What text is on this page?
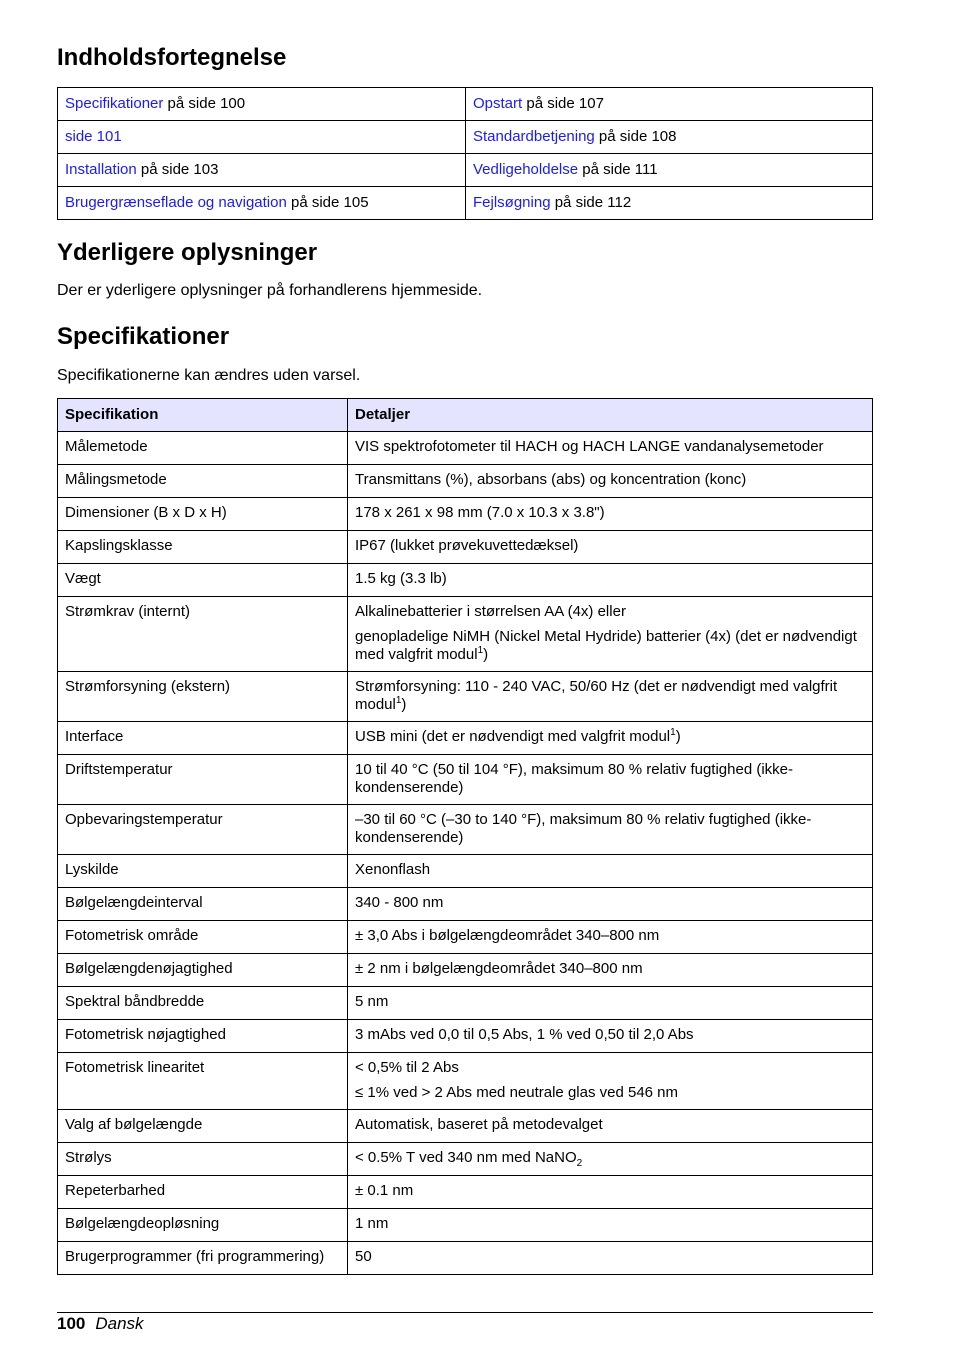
Indholdsfortegnelse
Specifikationer på side 100	Opstart på side 107
side 101	Standardbetjening på side 108
Installation på side 103	Vedligeholdelse på side 111
Brugergrænseflade og navigation på side 105	Fejlsøgning på side 112
Yderligere oplysninger

Der er yderligere oplysninger på forhandlerens hjemmeside.

Specifikationer

Specifikationerne kan ændres uden varsel.

Specifikation	Detaljer
Målemetode	VIS spektrofotometer til HACH og HACH LANGE vandanalysemetoder

Målingsmetode	Transmittans (%), absorbans (abs) og koncentration (konc)

Dimensioner (B x D x H)	178 x 261 x 98 mm (7.0 x 10.3 x 3.8")

Kapslingsklasse	IP67 (lukket prøvekuvettedæksel)

Vægt	1.5 kg (3.3 lb)

Strømkrav (internt)	Alkalinebatterier i størrelsen AA (4x) eller

genopladelige NiMH (Nickel Metal Hydride) batterier (4x) (det er nødvendigt med valgfrit modul$^1$)

Strømforsyning (ekstern)	Strømforsyning: 110 - 240 VAC, 50/60 Hz (det er nødvendigt med valgfrit modul$^1$)

Interface	USB mini (det er nødvendigt med valgfrit modul$^1$)

Driftstemperatur	10 til 40 °C (50 til 104 °F), maksimum 80 % relativ fugtighed (ikke-kondenserende)

Opbevaringstemperatur	–30 til 60 °C (–30 to 140 °F), maksimum 80 % relativ fugtighed (ikke-kondenserende)

Lyskilde	Xenonflash

Bølgelængdeinterval	340 - 800 nm

Fotometrisk område	± 3,0 Abs i bølgelængdeområdet 340–800 nm

Bølgelængdenøjagtighed	± 2 nm i bølgelængdeområdet 340–800 nm

Spektral båndbredde	5 nm

Fotometrisk nøjagtighed	3 mAbs ved 0,0 til 0,5 Abs, 1 % ved 0,50 til 2,0 Abs

Fotometrisk linearitet	< 0,5% til 2 Abs

≤ 1% ved > 2 Abs med neutrale glas ved 546 nm

Valg af bølgelængde	Automatisk, baseret på metodevalget

Strølys	< 0.5% T ved 340 nm med NaNO$_2$

Repeterbarhed	± 0.1 nm

Bølgelængdeopløsning	1 nm

Brugerprogrammer (fri programmering)	50

100 Dansk
